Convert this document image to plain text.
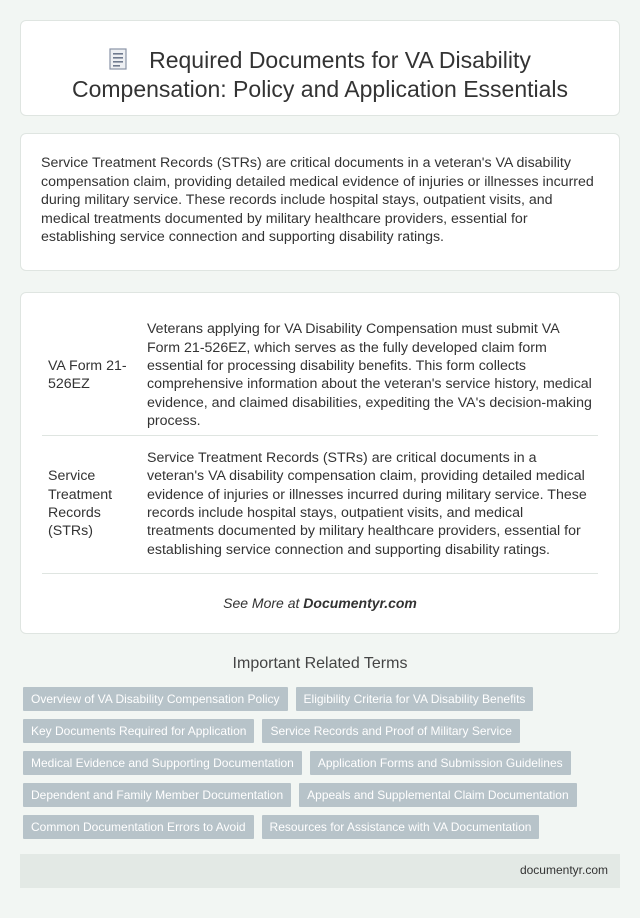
Required Documents for VA Disability Compensation: Policy and Application Essentials

Service Treatment Records (STRs) are critical documents in a veteran's VA disability compensation claim, providing detailed medical evidence of injuries or illnesses incurred during military service. These records include hospital stays, outpatient visits, and medical treatments documented by military healthcare providers, essential for establishing service connection and supporting disability ratings.

VA Form 21-526EZ	Veterans applying for VA Disability Compensation must submit VA Form 21-526EZ, which serves as the fully developed claim form essential for processing disability benefits. This form collects comprehensive information about the veteran's service history, medical evidence, and claimed disabilities, expediting the VA's decision-making process.
Service Treatment Records (STRs)	Service Treatment Records (STRs) are critical documents in a veteran's VA disability compensation claim, providing detailed medical evidence of injuries or illnesses incurred during military service. These records include hospital stays, outpatient visits, and medical treatments documented by military healthcare providers, essential for establishing service connection and supporting disability ratings.
See More at Documentyr.com
Important Related Terms
Overview of VA Disability Compensation Policy	Eligibility Criteria for VA Disability Benefits
Key Documents Required for Application	Service Records and Proof of Military Service
Medical Evidence and Supporting Documentation	Application Forms and Submission Guidelines
Dependent and Family Member Documentation	Appeals and Supplemental Claim Documentation
Common Documentation Errors to Avoid	Resources for Assistance with VA Documentation
documentyr.com
